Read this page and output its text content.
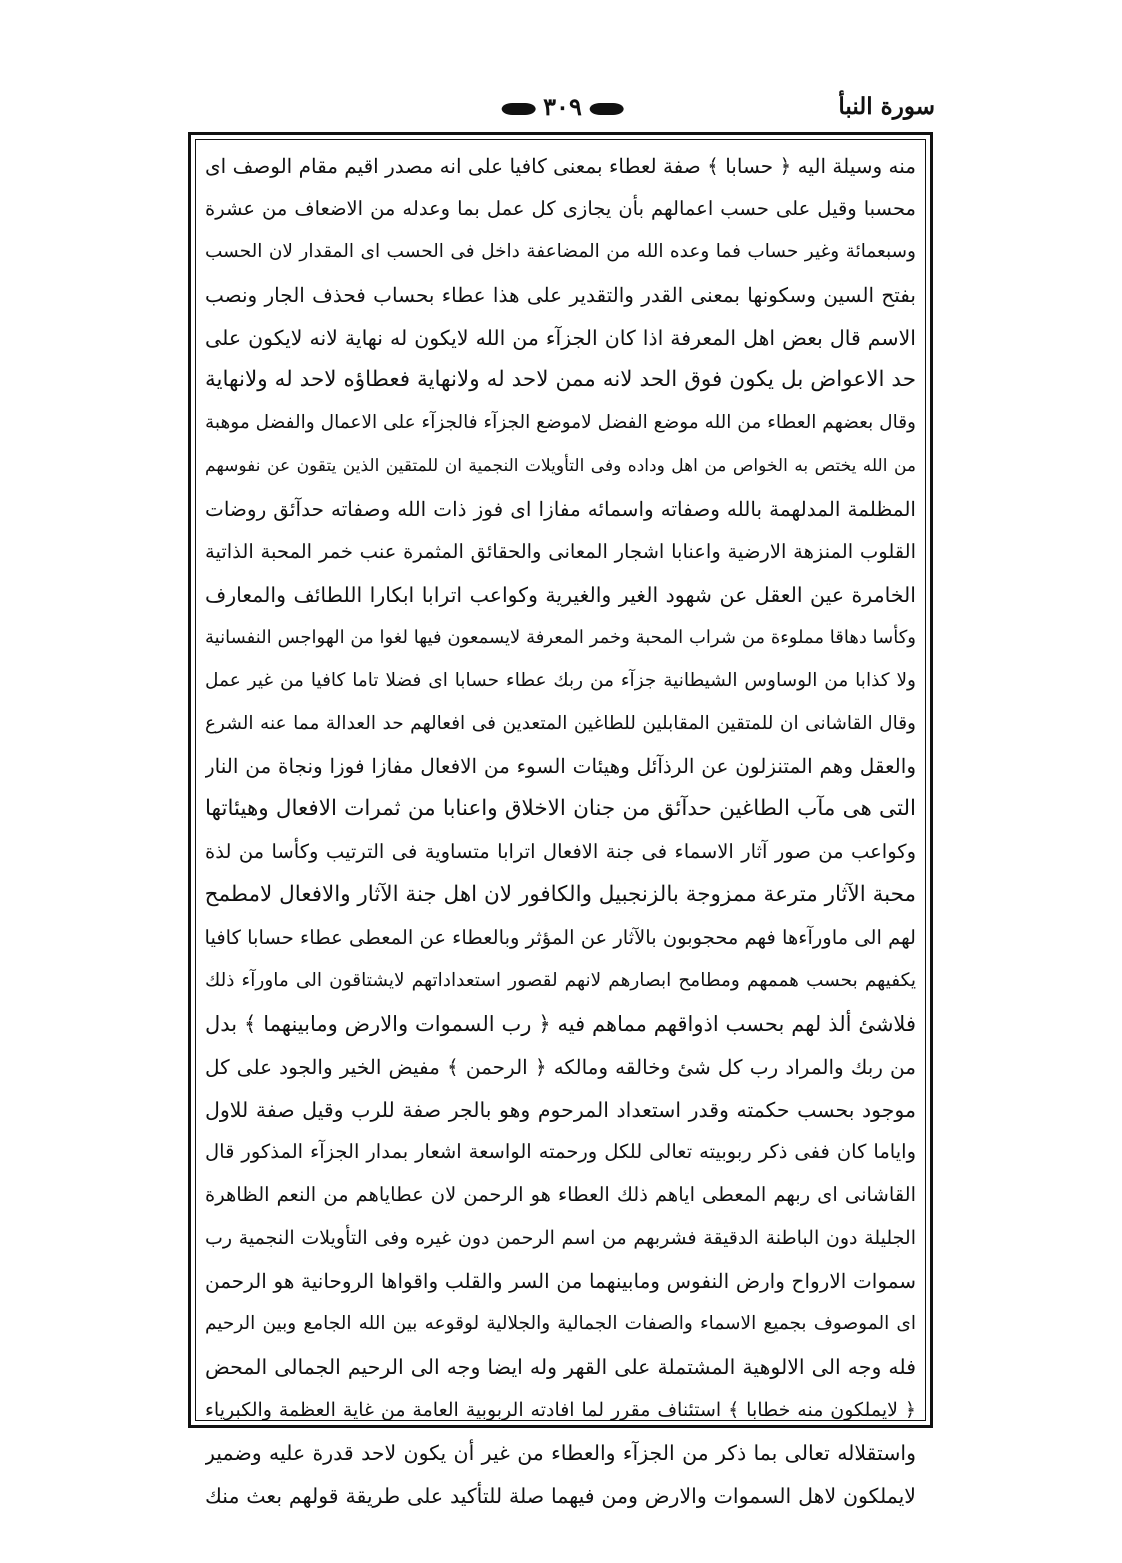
سورة النبأ
٣٠٩
منه وسيلة اليه ﴿ حسابا ﴾ صفة لعطاء بمعنى كافيا على انه مصدر اقيم مقام الوصف اى
محسبا وقيل على حسب اعمالهم بأن يجازى كل عمل بما وعدله من الاضعاف من عشرة
وسبعمائة وغير حساب فما وعده الله من المضاعفة داخل فى الحسب اى المقدار لان الحسب
بفتح السين وسكونها بمعنى القدر والتقدير على هذا عطاء بحساب فحذف الجار ونصب
الاسم قال بعض اهل المعرفة اذا كان الجزآء من الله لايكون له نهاية لانه لايكون على
حد الاعواض بل يكون فوق الحد لانه ممن لاحد له ولانهاية فعطاؤه لاحد له ولانهاية
وقال بعضهم العطاء من الله موضع الفضل لاموضع الجزآء فالجزآء على الاعمال والفضل موهبة
من الله يختص به الخواص من اهل وداده وفى التأويلات النجمية ان للمتقين الذين يتقون عن نفوسهم
المظلمة المدلهمة بالله وصفاته واسمائه مفازا اى فوز ذات الله وصفاته حدآئق روضات
القلوب المنزهة الارضية واعنابا اشجار المعانى والحقائق المثمرة عنب خمر المحبة الذاتية
الخامرة عين العقل عن شهود الغير والغيرية وكواعب اترابا ابكارا اللطائف والمعارف
وكأسا دهاقا مملوءة من شراب المحبة وخمر المعرفة لايسمعون فيها لغوا من الهواجس النفسانية
ولا كذابا من الوساوس الشيطانية جزآء من ربك عطاء حسابا اى فضلا تاما كافيا من غير عمل
وقال القاشانى ان للمتقين المقابلين للطاغين المتعدين فى افعالهم حد العدالة مما عنه الشرع
والعقل وهم المتنزلون عن الرذآئل وهيئات السوء من الافعال مفازا فوزا ونجاة من النار
التى هى مآب الطاغين حدآئق من جنان الاخلاق واعنابا من ثمرات الافعال وهيئاتها
وكواعب من صور آثار الاسماء فى جنة الافعال اترابا متساوية فى الترتيب وكأسا من لذة
محبة الآثار مترعة ممزوجة بالزنجبيل والكافور لان اهل جنة الآثار والافعال لامطمح
لهم الى ماورآءها فهم محجوبون بالآثار عن المؤثر وبالعطاء عن المعطى عطاء حسابا كافيا
يكفيهم بحسب هممهم ومطامح ابصارهم لانهم لقصور استعداداتهم لايشتاقون الى ماورآء ذلك
فلاشئ ألذ لهم بحسب اذواقهم مماهم فيه ﴿ رب السموات والارض ومابينهما ﴾ بدل
من ربك والمراد رب كل شئ وخالقه ومالكه ﴿ الرحمن ﴾ مفيض الخير والجود على كل
موجود بحسب حكمته وقدر استعداد المرحوم وهو بالجر صفة للرب وقيل صفة للاول
واياما كان ففى ذكر ربوبيته تعالى للكل ورحمته الواسعة اشعار بمدار الجزآء المذكور قال
القاشانى اى ربهم المعطى اياهم ذلك العطاء هو الرحمن لان عطاياهم من النعم الظاهرة
الجليلة دون الباطنة الدقيقة فشربهم من اسم الرحمن دون غيره وفى التأويلات النجمية رب
سموات الارواح وارض النفوس ومابينهما من السر والقلب واقواها الروحانية هو الرحمن
اى الموصوف بجميع الاسماء والصفات الجمالية والجلالية لوقوعه بين الله الجامع وبين الرحيم
فله وجه الى الالوهية المشتملة على القهر وله ايضا وجه الى الرحيم الجمالى المحض
﴿ لايملكون منه خطابا ﴾ استئناف مقرر لما افادته الربوبية العامة من غاية العظمة والكبرياء
واستقلاله تعالى بما ذكر من الجزآء والعطاء من غير أن يكون لاحد قدرة عليه وضمير
لايملكون لاهل السموات والارض ومن فيهما صلة للتأكيد على طريقة قولهم بعث منك
